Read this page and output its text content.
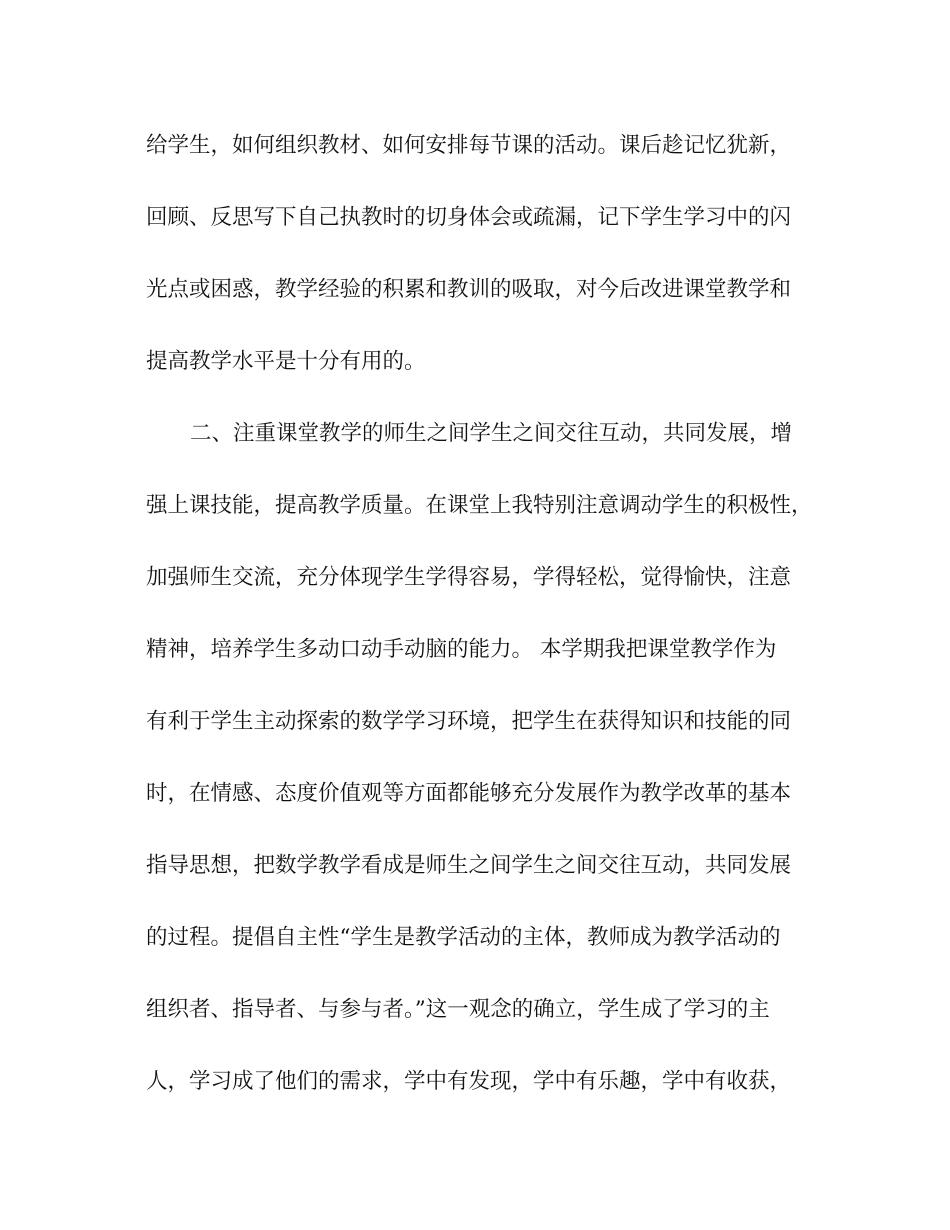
给学生，如何组织教材、如何安排每节课的活动。课后趁记忆犹新，
回顾、反思写下自己执教时的切身体会或疏漏，记下学生学习中的闪
光点或困惑，教学经验的积累和教训的吸取，对今后改进课堂教学和
提高教学水平是十分有用的。
二、注重课堂教学的师生之间学生之间交往互动，共同发展，增
强上课技能，提高教学质量。在课堂上我特别注意调动学生的积极性，
加强师生交流，充分体现学生学得容易，学得轻松，觉得愉快，注意
精神，培养学生多动口动手动脑的能力。 本学期我把课堂教学作为
有利于学生主动探索的数学学习环境，把学生在获得知识和技能的同
时，在情感、态度价值观等方面都能够充分发展作为教学改革的基本
指导思想，把数学教学看成是师生之间学生之间交往互动，共同发展
的过程。提倡自主性“学生是教学活动的主体，教师成为教学活动的
组织者、指导者、与参与者。”这一观念的确立，学生成了学习的主
人，学习成了他们的需求，学中有发现，学中有乐趣，学中有收获，
